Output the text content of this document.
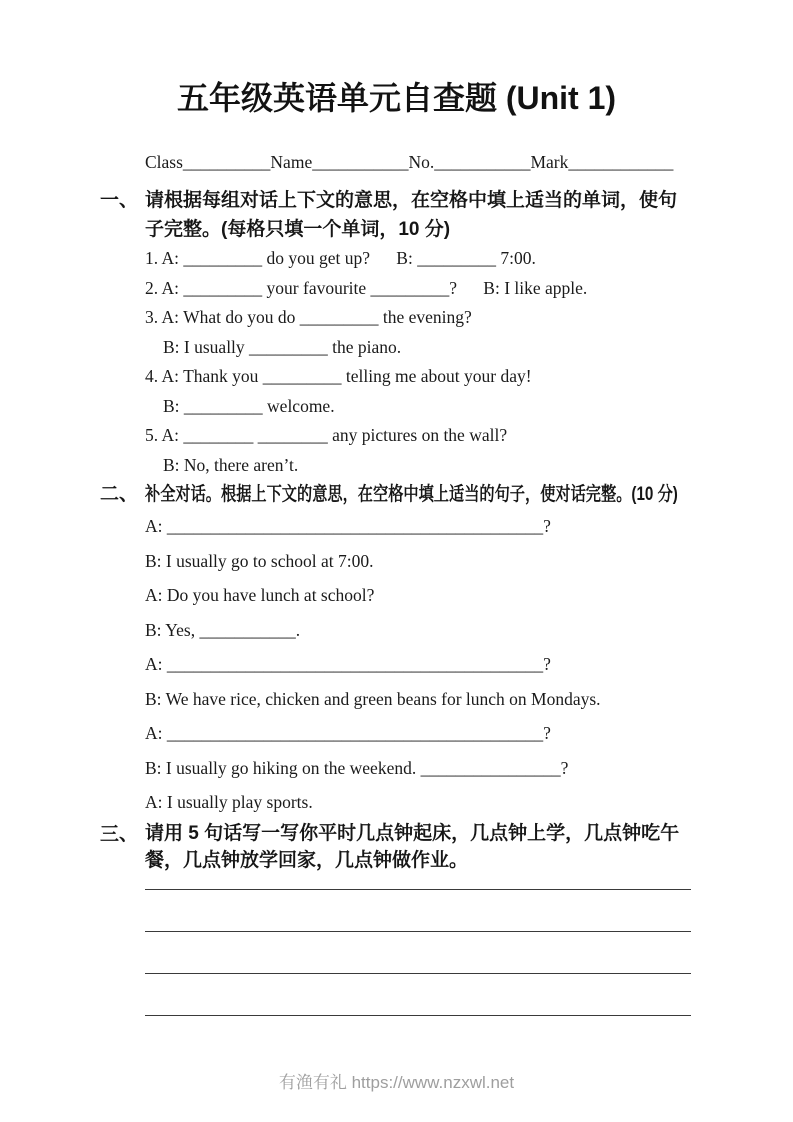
五年级英语单元自查题 (Unit 1)
Class__________Name___________No.___________Mark____________
一、 请根据每组对话上下文的意思，在空格中填上适当的单词，使句子完整。(每格只填一个单词，10 分)
1. A: _________ do you get up?      B: _________ 7:00.
2. A: _________ your favourite _________?      B: I like apple.
3. A: What do you do _________ the evening?
B: I usually _________ the piano.
4. A: Thank you _________ telling me about your day!
B: _________ welcome.
5. A: ________ ________ any pictures on the wall?
B: No, there aren’t.
二、 补全对话。根据上下文的意思，在空格中填上适当的句子，使对话完整。(10 分)
A: ___________________________________________?
B: I usually go to school at 7:00.
A: Do you have lunch at school?
B: Yes, ___________.
A: ___________________________________________?
B: We have rice, chicken and green beans for lunch on Mondays.
A: ___________________________________________?
B: I usually go hiking on the weekend. ________________?
A: I usually play sports.
三、 请用 5 句话写一写你平时几点钟起床，几点钟上学，几点钟吃午餐，几点钟放学回家，几点钟做作业。
有渔有礼 https://www.nzxwl.net
